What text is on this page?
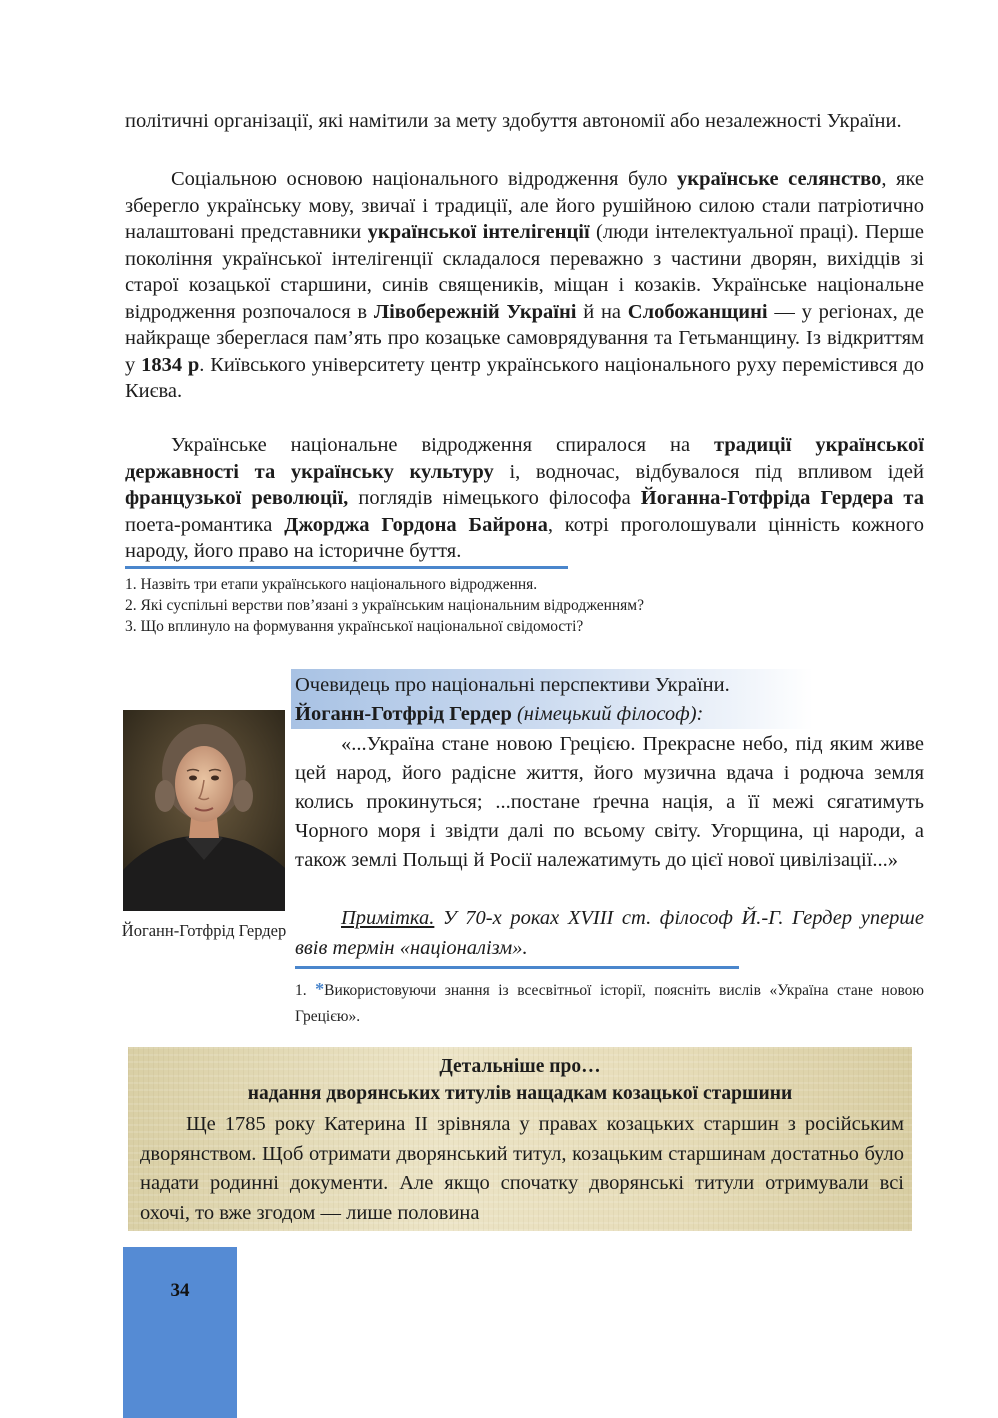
політичні організації, які намітили за мету здобуття автономії або незалежності України.
Соціальною основою національного відродження було українське селянство, яке зберегло українську мову, звичаї і традиції, але його рушійною силою стали патріотично налаштовані представники української інтелігенції (люди інтелектуальної праці). Перше покоління української інтелігенції складалося переважно з частини дворян, вихідців зі старої козацької старшини, синів священиків, міщан і козаків. Українське національне відродження розпочалося в Лівобережній Україні й на Слобожанщині — у регіонах, де найкраще збереглася пам’ять про козацьке самоврядування та Гетьманщину. Із відкриттям у 1834 р. Київського університету центр українського національного руху перемістився до Києва.
Українське національне відродження спиралося на традиції української державності та українську культуру і, водночас, відбувалося під впливом ідей французької революції, поглядів німецького філософа Йоганна-Готфріда Гердера та поета-романтика Джорджа Гордона Байрона, котрі проголошували цінність кожного народу, його право на історичне буття.
1. Назвіть три етапи українського національного відродження.
2. Які суспільні верстви пов’язані з українським національним відродженням?
3. Що вплинуло на формування української національної свідомості?
Йоганн-Готфрід Гердер
Очевидець про національні перспективи України.
Йоганн-Готфрід Гердер (німецький філософ):
«...Україна стане новою Грецією. Прекрасне небо, під яким живе цей народ, його радісне життя, його музична вдача і родюча земля колись прокинуться; ...постане ґречна нація, а її межі сягатимуть Чорного моря і звідти далі по всьому світу. Угорщина, ці народи, а також землі Польщі й Росії належатимуть до цієї нової цивілізації...»
Примітка. У 70-х роках XVIII ст. філософ Й.-Г. Гердер уперше ввів термін «націоналізм».
1. *Використовуючи знання із всесвітньої історії, поясніть вислів «Україна стане новою Грецією».
Детальніше про…
надання дворянських титулів нащадкам козацької старшини
Ще 1785 року Катерина ІІ зрівняла у правах козацьких старшин з російським дворянством. Щоб отримати дворянський титул, козацьким старшинам достатньо було надати родинні документи. Але якщо спочатку дворянські титули отримували всі охочі, то вже згодом — лише половина
34
